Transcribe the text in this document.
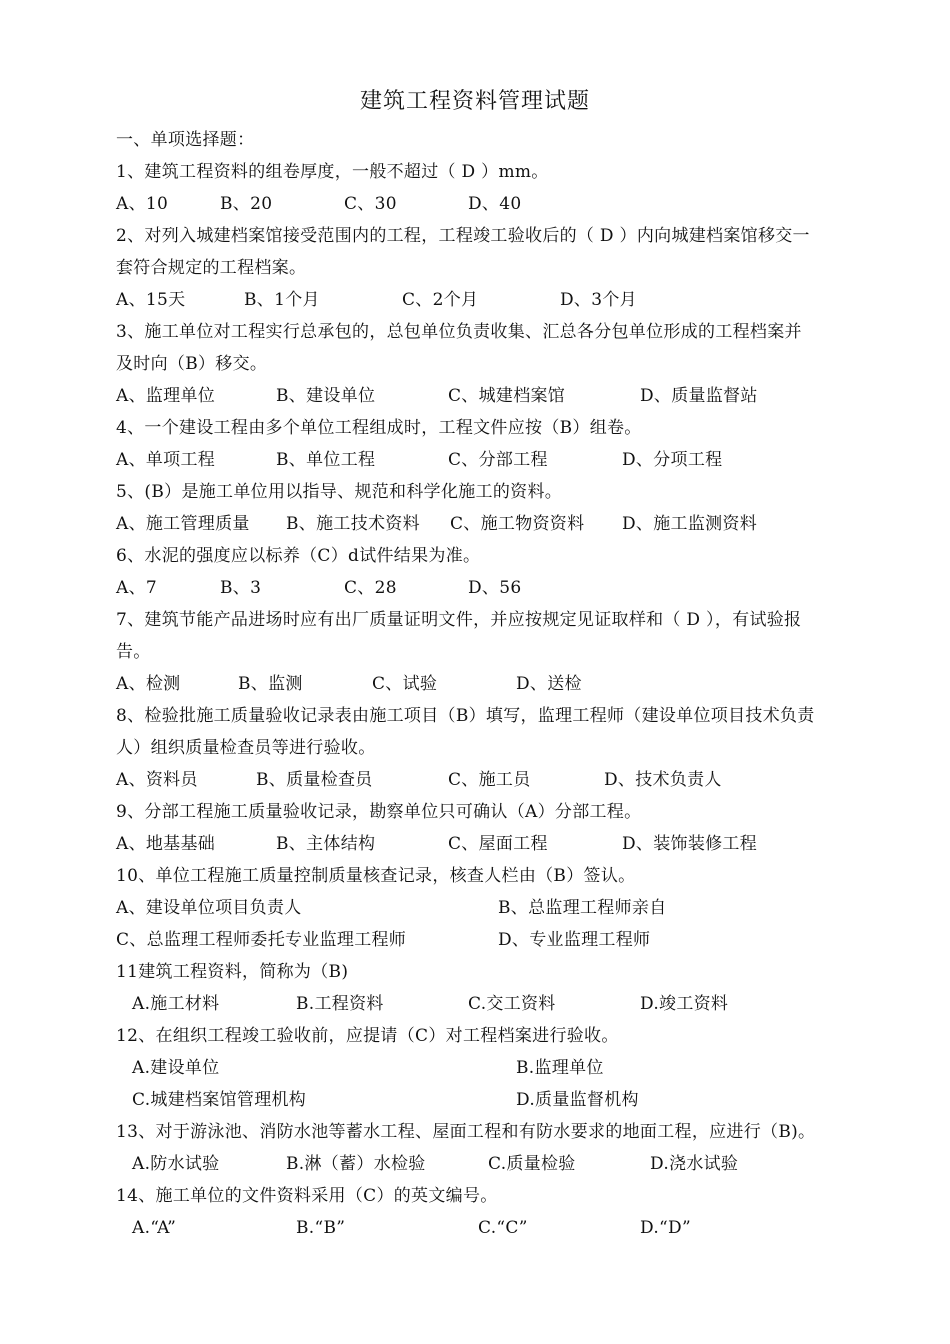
建筑工程资料管理试题
一、单项选择题：
1、建筑工程资料的组卷厚度，一般不超过（ D ）mm。
A、10	B、20	C、30	D、40
2、对列入城建档案馆接受范围内的工程，工程竣工验收后的（ D ）内向城建档案馆移交一
套符合规定的工程档案。
A、15天	B、1个月	C、2个月	D、3个月
3、施工单位对工程实行总承包的，总包单位负责收集、汇总各分包单位形成的工程档案并
及时向（B）移交。
A、监理单位	B、建设单位	C、城建档案馆	D、质量监督站
4、一个建设工程由多个单位工程组成时，工程文件应按（B）组卷。
A、单项工程	B、单位工程	C、分部工程	D、分项工程
5、(B）是施工单位用以指导、规范和科学化施工的资料。
A、施工管理质量 B、施工技术资料 C、施工物资资料 D、施工监测资料
6、水泥的强度应以标养（C）d试件结果为准。
A、7	B、3	C、28	D、56
7、建筑节能产品进场时应有出厂质量证明文件，并应按规定见证取样和（ D ），有试验报
告。
A、检测	B、监测	C、试验	D、送检
8、检验批施工质量验收记录表由施工项目（B）填写，监理工程师（建设单位项目技术负责
人）组织质量检查员等进行验收。
A、资料员	B、质量检查员	C、施工员	D、技术负责人
9、分部工程施工质量验收记录，勘察单位只可确认（A）分部工程。
A、地基基础	B、主体结构	C、屋面工程	D、装饰装修工程
10、单位工程施工质量控制质量核查记录，核查人栏由（B）签认。
A、建设单位项目负责人	B、总监理工程师亲自
C、总监理工程师委托专业监理工程师	D、专业监理工程师
11建筑工程资料，简称为（B)
A.施工材料	B.工程资料	C.交工资料	D.竣工资料
12、在组织工程竣工验收前，应提请（C）对工程档案进行验收。
A.建设单位	B.监理单位
C.城建档案馆管理机构	D.质量监督机构
13、对于游泳池、消防水池等蓄水工程、屋面工程和有防水要求的地面工程，应进行（B)。
A.防水试验	B.淋（蓄）水检验	C.质量检验	D.浇水试验
14、施工单位的文件资料采用（C）的英文编号。
A.“A”	B.“B”	C.“C”	D.“D”
